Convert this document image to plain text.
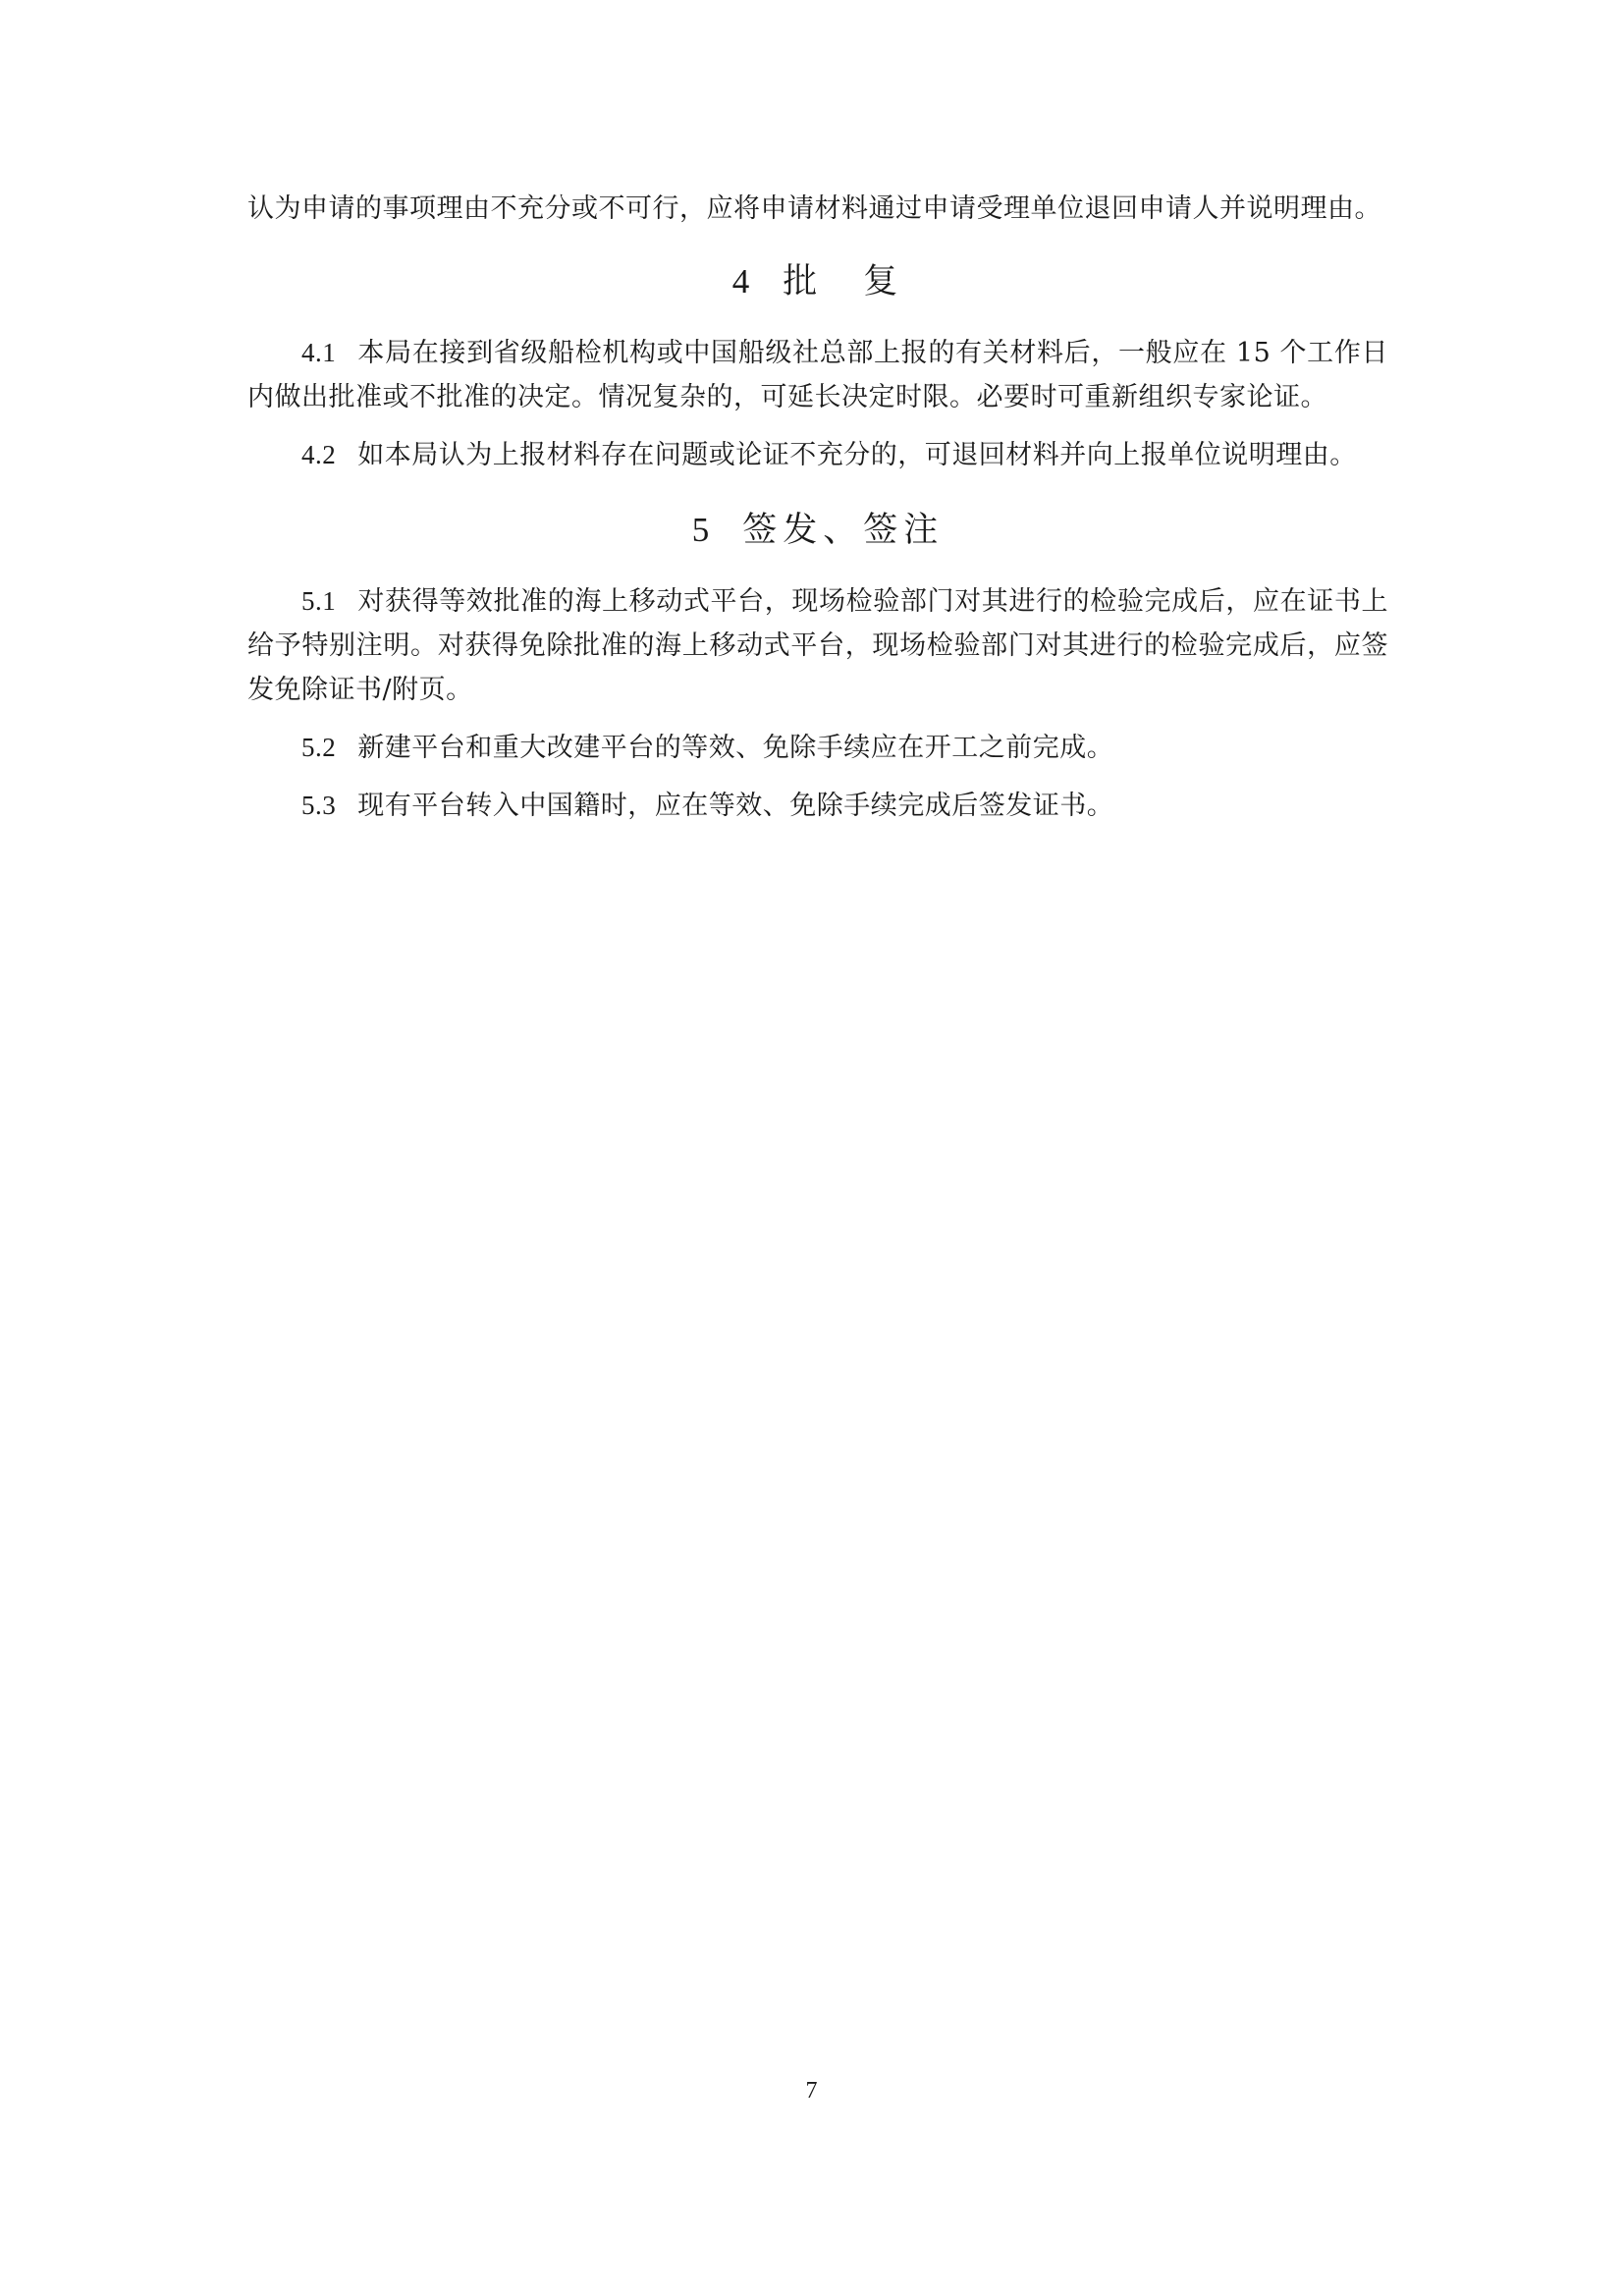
认为申请的事项理由不充分或不可行，应将申请材料通过申请受理单位退回申请人并说明理由。

4 批　复

4.1 本局在接到省级船检机构或中国船级社总部上报的有关材料后，一般应在 15 个工作日内做出批准或不批准的决定。情况复杂的，可延长决定时限。必要时可重新组织专家论证。

4.2 如本局认为上报材料存在问题或论证不充分的，可退回材料并向上报单位说明理由。

5 签发、签注

5.1 对获得等效批准的海上移动式平台，现场检验部门对其进行的检验完成后，应在证书上给予特别注明。对获得免除批准的海上移动式平台，现场检验部门对其进行的检验完成后，应签发免除证书/附页。

5.2 新建平台和重大改建平台的等效、免除手续应在开工之前完成。

5.3 现有平台转入中国籍时，应在等效、免除手续完成后签发证书。

7
